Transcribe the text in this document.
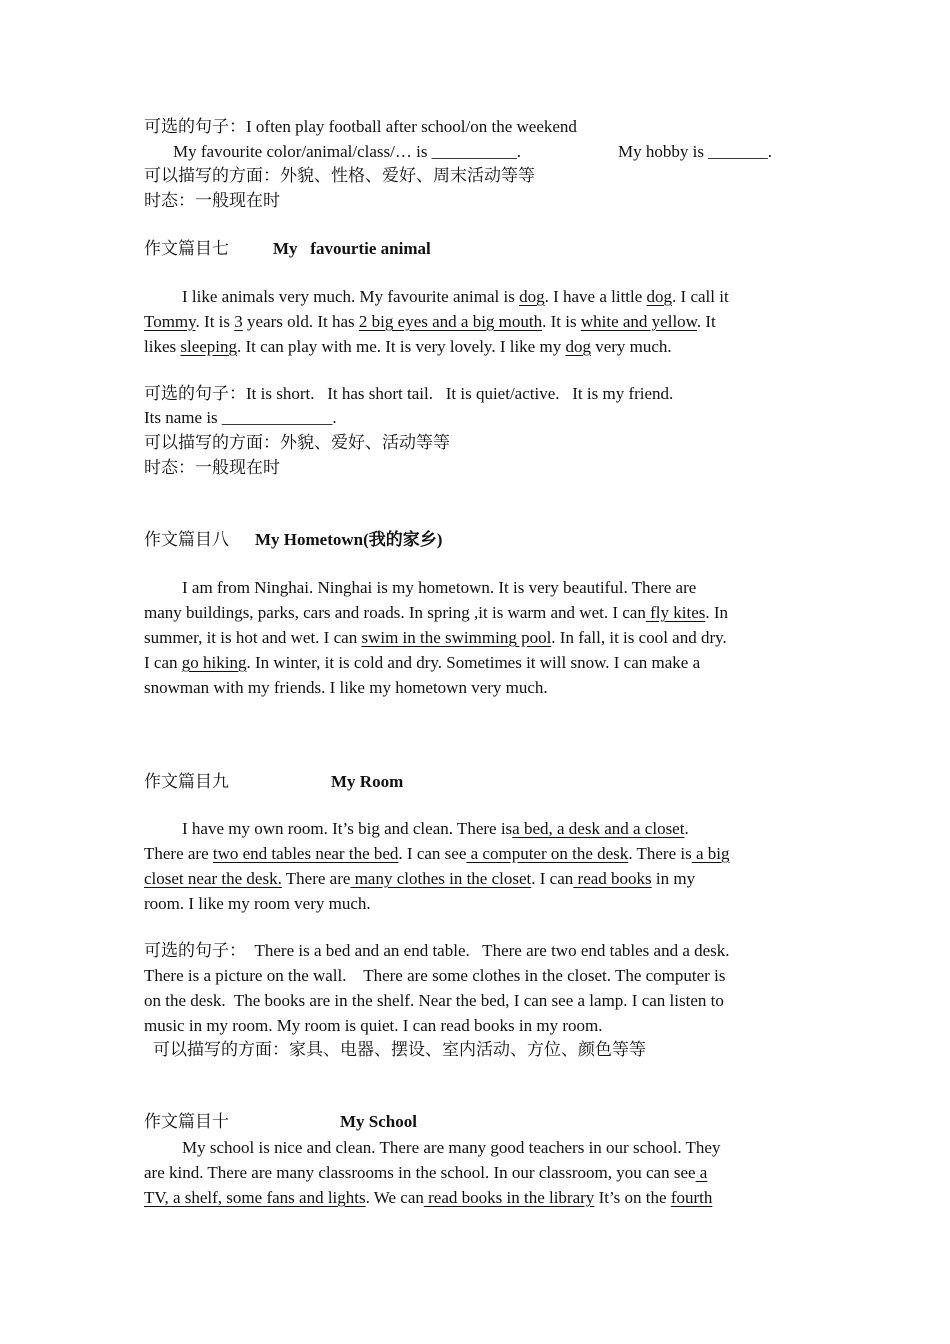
可选的句子：I often play football after school/on the weekend
My favourite color/animal/class/… is __________.	My hobby is _______.
可以描写的方面：外貌、性格、爱好、周末活动等等
时态：一般现在时
作文篇目七	My   favourtie animal
I like animals very much. My favourite animal is dog. I have a little dog. I call it
Tommy. It is 3 years old. It has 2 big eyes and a big mouth. It is white and yellow. It
likes sleeping. It can play with me. It is very lovely. I like my dog very much.
可选的句子：It is short.   It has short tail.   It is quiet/active.   It is my friend.
Its name is _____________.
可以描写的方面：外貌、爱好、活动等等
时态：一般现在时
作文篇目八 My Hometown(我的家乡)
I am from Ninghai. Ninghai is my hometown. It is very beautiful. There are
many buildings, parks, cars and roads. In spring ,it is warm and wet. I can fly kites. In
summer, it is hot and wet. I can swim in the swimming pool. In fall, it is cool and dry.
I can go hiking. In winter, it is cold and dry. Sometimes it will snow. I can make a
snowman with my friends. I like my hometown very much.
作文篇目九	My Room
I have my own room. It’s big and clean. There isa bed, a desk and a closet.
There are two end tables near the bed. I can see a computer on the desk. There is a big
closet near the desk. There are many clothes in the closet. I can read books in my
room. I like my room very much.
可选的句子：  There is a bed and an end table.   There are two end tables and a desk.
There is a picture on the wall.    There are some clothes in the closet. The computer is
on the desk.  The books are in the shelf. Near the bed, I can see a lamp. I can listen to
music in my room. My room is quiet. I can read books in my room.
可以描写的方面：家具、电器、摆设、室内活动、方位、颜色等等
作文篇目十	My School
My school is nice and clean. There are many good teachers in our school. They
are kind. There are many classrooms in the school. In our classroom, you can see a
TV, a shelf, some fans and lights. We can read books in the library It’s on the fourth
